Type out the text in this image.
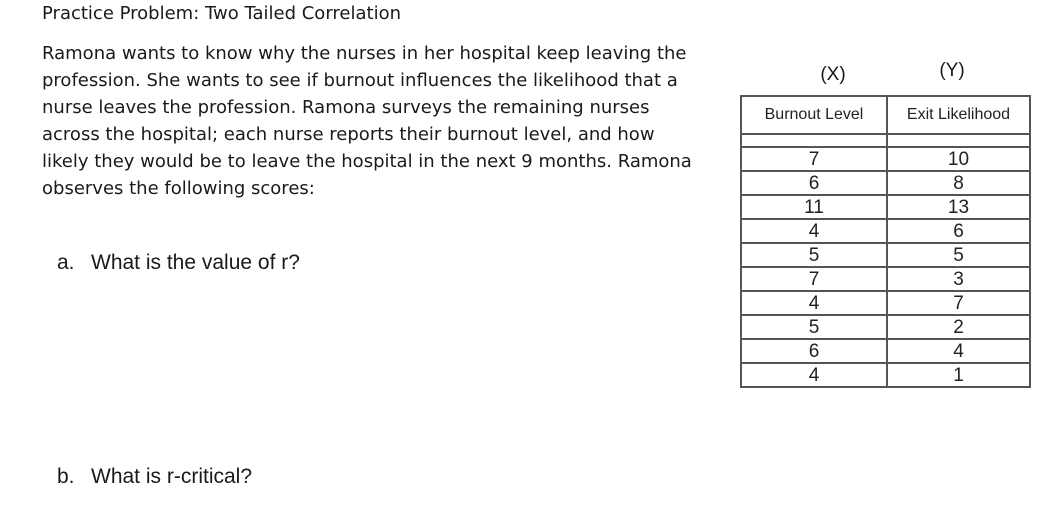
Practice Problem: Two Tailed Correlation
Ramona wants to know why the nurses in her hospital keep leaving the
profession. She wants to see if burnout influences the likelihood that a
nurse leaves the profession. Ramona surveys the remaining nurses
across the hospital; each nurse reports their burnout level, and how
likely they would be to leave the hospital in the next 9 months. Ramona
observes the following scores:
a. What is the value of r?
b. What is r-critical?
(X)	(Y)
Burnout Level	Exit Likelihood

7	10
6	8
11	13
4	6
5	5
7	3
4	7
5	2
6	4
4	1
